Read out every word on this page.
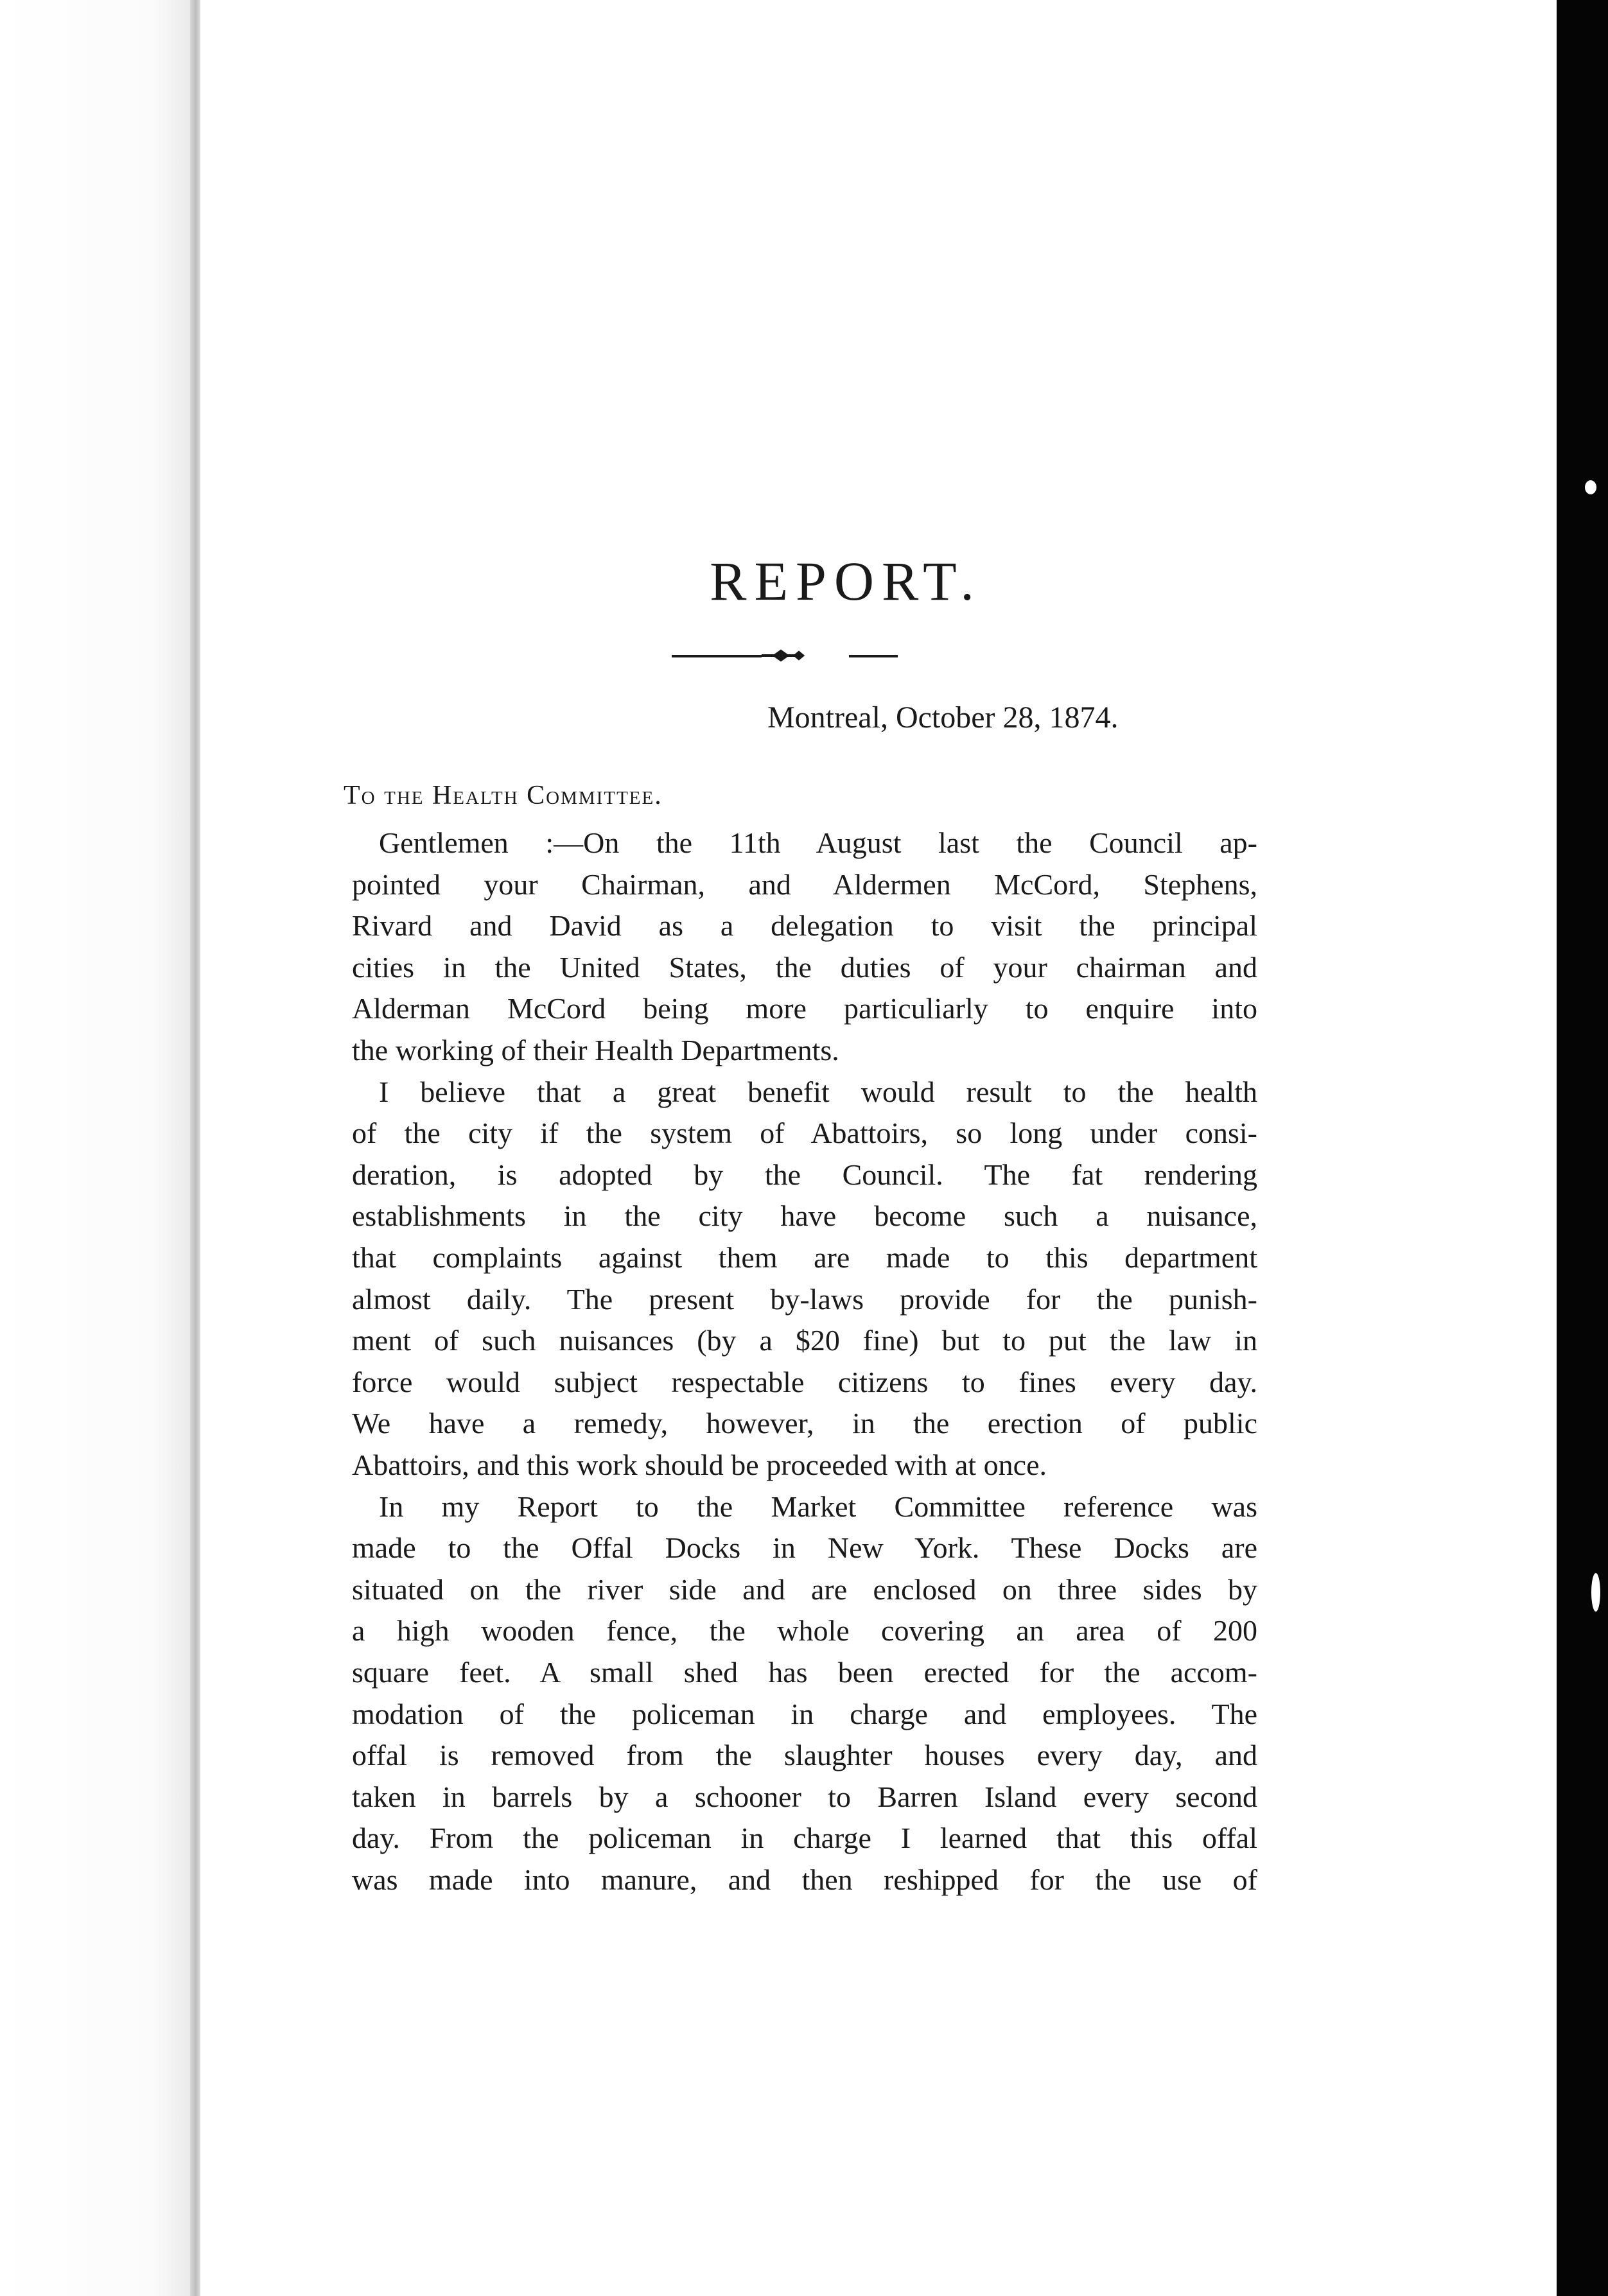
REPORT.
Montreal, October 28, 1874.
To the Health Committee.
Gentlemen :—On the 11th August last the Council ap-
pointed your Chairman, and Aldermen McCord, Stephens,
Rivard and David as a delegation to visit the principal
cities in the United States, the duties of your chairman and
Alderman McCord being more particuliarly to enquire into
the working of their Health Departments.
I believe that a great benefit would result to the health
of the city if the system of Abattoirs, so long under consi-
deration, is adopted by the Council. The fat rendering
establishments in the city have become such a nuisance,
that complaints against them are made to this department
almost daily. The present by-laws provide for the punish-
ment of such nuisances (by a $20 fine) but to put the law in
force would subject respectable citizens to fines every day.
We have a remedy, however, in the erection of public
Abattoirs, and this work should be proceeded with at once.
In my Report to the Market Committee reference was
made to the Offal Docks in New York. These Docks are
situated on the river side and are enclosed on three sides by
a high wooden fence, the whole covering an area of 200
square feet. A small shed has been erected for the accom-
modation of the policeman in charge and employees. The
offal is removed from the slaughter houses every day, and
taken in barrels by a schooner to Barren Island every second
day. From the policeman in charge I learned that this offal
was made into manure, and then reshipped for the use of
